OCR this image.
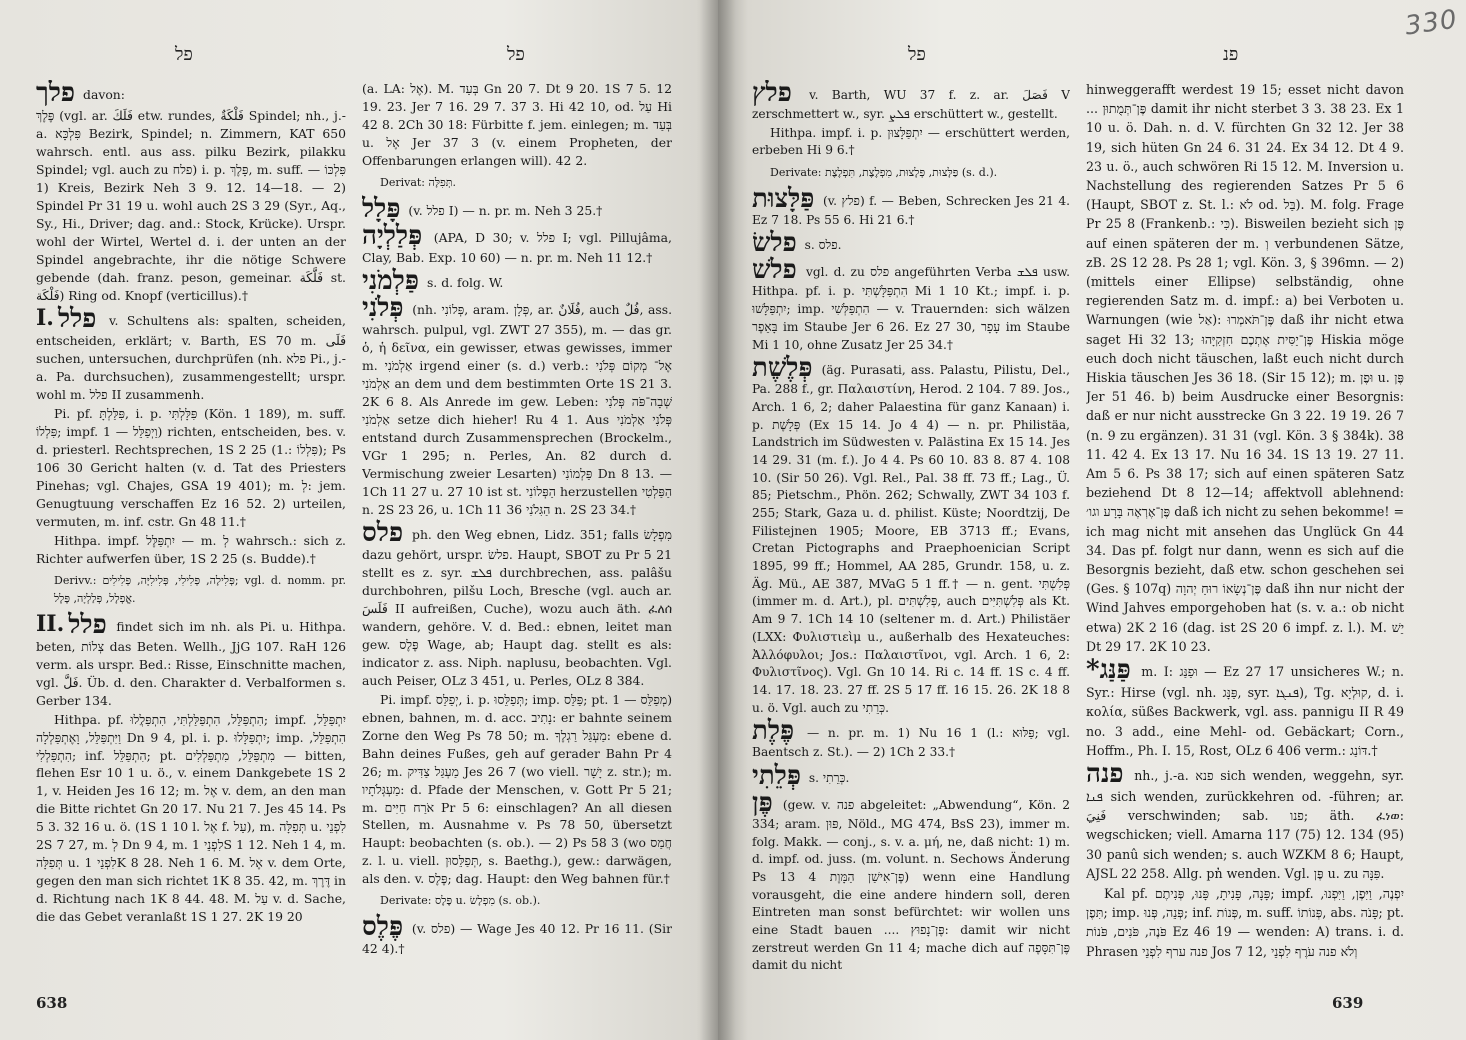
פל	פל

פלך davon:

פֶּלֶךְ (vgl. ar. فَلَكَ etw. rundes, فَلْكَةٌ Spindel; nh., j.-a. פִּלְכָּא Bezirk, Spindel; n. Zimmern, KAT 650 wahrsch. entl. aus ass. pilku Bezirk, pilakku Spindel; vgl. auch zu פלח) i. p. פָּלֶךְ, m. suff. פִּלְכּוֹ — 1) Kreis, Bezirk Neh 3 9. 12. 14—18. — 2) Spindel Pr 31 19 u. wohl auch 2S 3 29 (Syr., Aq., Sy., Hi., Driver; dag. and.: Stock, Krücke). Urspr. wohl der Wirtel, Wertel d. i. der unten an der Spindel angebrachte, ihr die nötige Schwere gebende (dah. franz. peson, gemeinar. فَلَّكَة st. فَلْكَة) Ring od. Knopf (verticillus).†

I. פלל v. Schultens als: spalten, scheiden, entscheiden, erklärt; v. Barth, ES 70 m. فَلَى suchen, untersuchen, durchprüfen (nh. פלא Pi., j.-a. Pa. durchsuchen), zusammengestellt; urspr. wohl m. פלל II zusammenh.

Pi. pf. פִּלַּלְתָּ, i. p. פִּלָּלְתִּי (Kön. 1 189), m. suff. פִּלְלוֹ; impf. וַיְפַלֵּל — 1) richten, entscheiden, bes. v. d. priesterl. Rechtsprechen, 1S 2 25 (1.: פִּלְלוֹ); Ps 106 30 Gericht halten (v. d. Tat des Priesters Pinehas; vgl. Chajes, GSA 19 401); m. לְ: jem. Genugtuung verschaffen Ez 16 52. 2) urteilen, vermuten, m. inf. cstr. Gn 48 11.†

Hithpa. impf. יִתְפַּלֶּל — m. לְ wahrsch.: sich z. Richter aufwerfen über, 1S 2 25 (s. Budde).†

Derivv.: פְּלִילָה, פְּלִילִי, פְּלִילִיָּה, פְּלִילִים; vgl. d. nomm. pr. אֱפְלָל, פְּלַלְיָה, פָּלָל.

II. פלל findet sich im nh. als Pi. u. Hithpa. beten, צְלוֹת das Beten. Wellh., JjG 107. RaH 126 verm. als urspr. Bed.: Risse, Einschnitte machen, vgl. فَلَّ. Üb. d. den. Charakter d. Verbalformen s. Gerber 134.

Hithpa. pf. הִתְפַּלֵּל, הִתְפַּלַּלְתִּי, הִתְפַּלֲלוּ; impf. יִתְפַּלֵּל, וַיִּתְפַּלֵּל, וָאֶתְפַּלְלָה Dn 9 4, pl. i. p. יִתְפַּלָּלוּ; imp. הִתְפַּלֵּל, הִתְפַּלְלִי; inf. הִתְפַּלֵּל; pt. מִתְפַּלֵּל, מִתְפַּלְלִים — bitten, flehen Esr 10 1 u. ö., v. einem Dankgebete 1S 2 1, v. Heiden Jes 16 12; m. אֶל v. dem, an den man die Bitte richtet Gn 20 17. Nu 21 7. Jes 45 14. Ps 5 3. 32 16 u. ö. (1S 1 10 l. אֶל f. עַל), m. תְּפִלָּה u. לִפְנֵי 2S 7 27, m. לְ Dn 9 4, m. לִפְנֵי 1S 1 12. Neh 1 4, m. תְּפִלָּה u. לִפְנֵי 1K 8 28. Neh 1 6. M. אֶל v. dem Orte, gegen den man sich richtet 1K 8 35. 42, m. דֶּרֶךְ in d. Richtung nach 1K 8 44. 48. M. עַל v. d. Sache, die das Gebet veranlaßt 1S 1 27. 2K 19 20

(a. LA: אֶל). M. בְּעַד Gn 20 7. Dt 9 20. 1S 7 5. 12 19. 23. Jer 7 16. 29 7. 37 3. Hi 42 10, od. עַל Hi 42 8. 2Ch 30 18: Fürbitte f. jem. einlegen; m. בְּעַד u. אֶל Jer 37 3 (v. einem Propheten, der Offenbarungen erlangen will). 42 2.

Derivat: תְּפִלָּה.

פָּלָל (v. פלל I) — n. pr. m. Neh 3 25.†

פְּלַלְיָה (APA, D 30; v. פלל I; vgl. Pillujâma, Clay, Bab. Exp. 10 60) — n. pr. m. Neh 11 12.†

פַּלְמֹנִי s. d. folg. W.

פְּלֹנִי (nh. פְּלוֹנִי, aram. פְּלָן, ar. فُلَانٌ, auch فُلٌ, ass. wahrsch. pulpul, vgl. ZWT 27 355), m. — das gr. ὁ, ἡ δεῖνα, ein gewisser, etwas gewisses, immer m. אַלְמֹנִי irgend einer (s. d.) verb.: אֶל־ מְקוֹם פְּלֹנִי אַלְמֹנִי an dem und dem bestimmten Orte 1S 21 3. 2K 6 8. Als Anrede im gew. Leben: שְׁבָה־פֹּה פְּלֹנִי אַלְמֹנִי setze dich hieher! Ru 4 1. Aus פְּלֹנִי אַלְמֹנִי entstand durch Zusammensprechen (Brockelm., VGr 1 295; n. Perles, An. 82 durch d. Vermischung zweier Lesarten) פַּלְמוֹנִי Dn 8 13. — 1Ch 11 27 u. 27 10 ist st. הַפְּלוֹנִי herzustellen הַפַּלְטִי n. 2S 23 26, u. 1Ch 11 36 הַגִּלֹנִי n. 2S 23 34.†

פלס ph. den Weg ebnen, Lidz. 351; falls מִפְלָשׂ dazu gehört, urspr. פלשׂ. Haupt, SBOT zu Pr 5 21 stellt es z. syr. ܦܠܫ durchbrechen, ass. palâšu durchbohren, pilšu Loch, Bresche (vgl. auch ar. فَلَسَ II aufreißen, Cuche), wozu auch äth. ፈለሰ wandern, gehöre. V. d. Bed.: ebnen, leitet man gew. פֶּלֶס Wage, ab; Haupt dag. stellt es als: indicator z. ass. Niph. naplusu, beobachten. Vgl. auch Peiser, OLz 3 451, u. Perles, OLz 8 384.

Pi. impf. יְפַלֵּס, i. p. תְּפַלֵּסוּ; imp. פַּלֵּס; pt. מְפַלֵּס — 1) ebnen, bahnen, m. d. acc. נָתִיב: er bahnte seinem Zorne den Weg Ps 78 50; m. מַעְגַּל רַגְלֶךָ: ebene d. Bahn deines Fußes, geh auf gerader Bahn Pr 4 26; m. מַעְגַּל צַדִּיק Jes 26 7 (wo viell. יָשָׁר z. str.); m. מַעְגְּלֹתָיו: d. Pfade der Menschen, v. Gott Pr 5 21; m. אֹרַח חַיִּים Pr 5 6: einschlagen? An all diesen Stellen, m. Ausnahme v. Ps 78 50, übersetzt Haupt: beobachten (s. ob.). — 2) Ps 58 3 (wo חֲמַס z. l. u. viell. תְּפַלֵּסוּן, s. Baethg.), gew.: darwägen, als den. v. פֶּלֶס; dag. Haupt: den Weg bahnen für.†

Derivate: פֶּלֶס u. מִפְלָשׂ (s. ob.).

פֶּלֶס (v. פלס) — Wage Jes 40 12. Pr 16 11. (Sir 42 4).†

638
פל	פנ

פלץ v. Barth, WU 37 f. z. ar. فَصَلَ V zerschmettert w., syr. ܦܠܨ erschüttert w., gestellt.

Hithpa. impf. i. p. יִתְפַּלָּצוּן — erschüttert werden, erbeben Hi 9 6.†

Derivate: פַּלָּצוּת, פְּלָצוּת, מִפְלֶצֶת, תִּפְלֶצֶת (s. d.).

פַּלָּצוּת (v. פלץ) f. — Beben, Schrecken Jes 21 4. Ez 7 18. Ps 55 6. Hi 21 6.†

פלשׂ s. פלס.

פלשׁ vgl. d. zu פלס angeführten Verba ܦܠܫ usw. Hithpa. pf. i. p. הִתְפַּלָּשְׁתִּי Mi 1 10 Kt.; impf. i. p. יִתְפַּלָּשׁוּ; imp. הִתְפַּלְּשִׁי — v. Trauernden: sich wälzen בָּאֵפֶר im Staube Jer 6 26. Ez 27 30, עָפָר im Staube Mi 1 10, ohne Zusatz Jer 25 34.†

פְּלֶשֶׁת (äg. Purasati, ass. Palastu, Pilistu, Del., Pa. 288 f., gr. Παλαιστίνη, Herod. 2 104. 7 89. Jos., Arch. 1 6, 2; daher Palaestina für ganz Kanaan) i. p. פְּלָשֶׁת (Ex 15 14. Jo 4 4) — n. pr. Philistäa, Landstrich im Südwesten v. Palästina Ex 15 14. Jes 14 29. 31 (m. f.). Jo 4 4. Ps 60 10. 83 8. 87 4. 108 10. (Sir 50 26). Vgl. Rel., Pal. 38 ff. 73 ff.; Lag., Ü. 85; Pietschm., Phön. 262; Schwally, ZWT 34 103 f. 255; Stark, Gaza u. d. philist. Küste; Noordtzij, De Filistejnen 1905; Moore, EB 3713 ff.; Evans, Cretan Pictographs and Praephoenician Script 1895, 99 ff.; Hommel, AA 285, Grundr. 158, u. z. Äg. Mü., AE 387, MVaG 5 1 ff.† — n. gent. פְּלִשְׁתִּי (immer m. d. Art.), pl. פְּלִשְׁתִּים, auch פְּלִשְׁתִּיִּים als Kt. Am 9 7. 1Ch 14 10 (seltener m. d. Art.) Philistäer (LXX: Φυλιστιεὶμ u., außerhalb des Hexateuches: Ἀλλόφυλοι; Jos.: Παλαιστῖνοι, vgl. Arch. 1 6, 2: Φυλιστῖνος). Vgl. Gn 10 14. Ri c. 14 ff. 1S c. 4 ff. 14. 17. 18. 23. 27 ff. 2S 5 17 ff. 16 15. 26. 2K 18 8 u. ö. Vgl. auch zu כְּרֵתִי.

פֶּלֶת — n. pr. m. 1) Nu 16 1 (l.: פַּלּוּא; vgl. Baentsch z. St.). — 2) 1Ch 2 33.†

פְּלֵתִי s. כְּרֵתִי.

פֶּן (gew. v. פנה abgeleitet: „Abwendung“, Kön. 2 334; aram. פּוּן, Nöld., MG 474, BsS 23), immer m. folg. Makk. — conj., s. v. a. μή, ne, daß nicht: 1) m. d. impf. od. juss. (m. volunt. n. Sechows Änderung Ps 13 4 פֶּן־אִישַׁן הַמָּוֶת) wenn eine Handlung vorausgeht, die eine andere hindern soll, deren Eintreten man sonst befürchtet: wir wollen uns eine Stadt bauen .... פֶּן־נָפוּץ: damit wir nicht zerstreut werden Gn 11 4; mache dich auf פֶּן־תִּסָּפֶה damit du nicht

hinweggerafft werdest 19 15; esset nicht davon ... פֶּן־תְּמֻתוּן damit ihr nicht sterbet 3 3. 38 23. Ex 1 10 u. ö. Dah. n. d. V. fürchten Gn 32 12. Jer 38 19, sich hüten Gn 24 6. 31 24. Ex 34 12. Dt 4 9. 23 u. ö., auch schwören Ri 15 12. M. Inversion u. Nachstellung des regierenden Satzes Pr 5 6 (Haupt, SBOT z. St. l.: לֹא od. בַּל). M. folg. Frage Pr 25 8 (Frankenb.: כִּי). Bisweilen bezieht sich פֶּן auf einen späteren der m. וְ verbundenen Sätze, zB. 2S 12 28. Ps 28 1; vgl. Kön. 3, § 396mn. — 2) (mittels einer Ellipse) selbständig, ohne regierenden Satz m. d. impf.: a) bei Verboten u. Warnungen (wie אַל): פֶּן־תֹּאמְרוּ daß ihr nicht etwa saget Hi 32 13; פֶּן־יַסִּית אֶתְכֶם חִזְקִיָּהוּ Hiskia möge euch doch nicht täuschen, laßt euch nicht durch Hiskia täuschen Jes 36 18. (Sir 15 12); m. וּפֶן u. פֶּן Jer 51 46. b) beim Ausdrucke einer Besorgnis: daß er nur nicht ausstrecke Gn 3 22. 19 19. 26 7 (n. 9 zu ergänzen). 31 31 (vgl. Kön. 3 § 384k). 38 11. 42 4. Ex 13 17. Nu 16 34. 1S 13 19. 27 11. Am 5 6. Ps 38 17; sich auf einen späteren Satz beziehend Dt 8 12—14; affektvoll ablehnend: פֶּן־אֶרְאֶה בָּרָע וגו׳ daß ich nicht zu sehen bekomme! = ich mag nicht mit ansehen das Unglück Gn 44 34. Das pf. folgt nur dann, wenn es sich auf die Besorgnis bezieht, daß etw. schon geschehen sei (Ges. § 107q) פֶּן־נְשָׂאוֹ רוּחַ יְהוָה daß ihn nur nicht der Wind Jahves emporgehoben hat (s. v. a.: ob nicht etwa) 2K 2 16 (dag. ist 2S 20 6 impf. z. l.). M. יֵשׁ Dt 29 17. 2K 10 23.

פַּנַּג* m. I: וּפַנַּג — Ez 27 17 unsicheres W.; n. Syr.: Hirse (vgl. nh. פַּנָּג, syr. ܦܢܓܐ), Tg. קוּלְיָא, d. i. κολία, süßes Backwerk, vgl. ass. pannigu II R 49 no. 3 add., eine Mehl- od. Gebäckart; Corn., Hoffm., Ph. I. 15, Rost, OLz 6 406 verm.: דּוֹנַג.†

פנה nh., j.-a. פנא sich wenden, weggehn, syr. ܦܢܐ sich wenden, zurückkehren od. -führen; ar. فَنِيَ verschwinden; sab. פנו; äth. ፈነወ: wegschicken; viell. Amarna 117 (75) 12. 134 (95) 30 panû sich wenden; s. auch WZKM 8 6; Haupt, AJSL 22 258. Allg. pn̓ wenden. Vgl. פֶּן u. zu פִּנָּה.

Kal pf. פָּנָה, פָּנִיתָ, פָּנוּ, פְּנִיתֶם; impf. יִפְנֶה, וַיִּפֶן, וַיִּפְנוּ, תִּפֶן; imp. פְּנֵה, פְּנוּ; inf. פְּנוֹת, m. suff. פְּנוֹתוֹ, abs. פָּנֹה; pt. פֹּנֶה, פֹּנִים, פֹּנוֹת Ez 46 19 — wenden: A) trans. i. d. Phrasen פנה ערף לִפְנֵי Jos 7 12, וְלֹא פנה עֹרֶף לִפְנֵי

639
330
